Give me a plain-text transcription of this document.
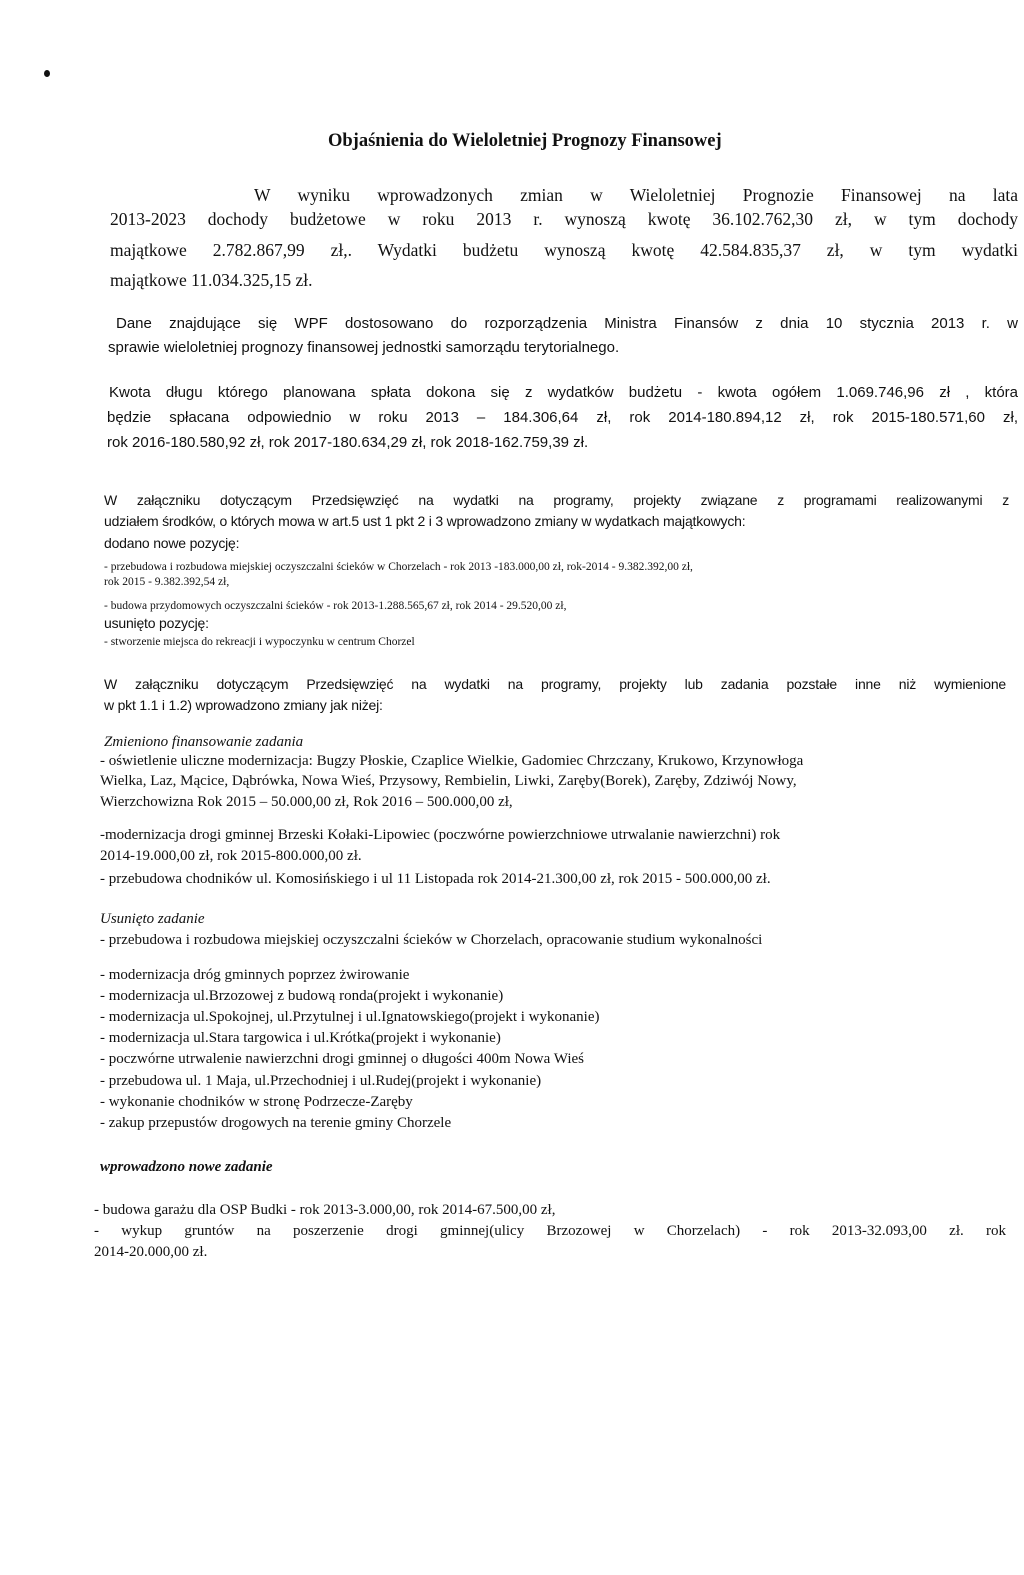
Objaśnienia do Wieloletniej Prognozy Finansowej
W wyniku wprowadzonych zmian w Wieloletniej Prognozie Finansowej na lata
2013-2023 dochody budżetowe w roku 2013 r. wynoszą kwotę 36.102.762,30 zł, w tym dochody
majątkowe 2.782.867,99 zł,. Wydatki budżetu wynoszą kwotę 42.584.835,37 zł, w tym wydatki
majątkowe 11.034.325,15 zł.
Dane znajdujące się WPF dostosowano do rozporządzenia Ministra Finansów z dnia 10 stycznia 2013 r. w
sprawie wieloletniej prognozy finansowej jednostki samorządu terytorialnego.
Kwota długu którego planowana spłata dokona się z wydatków budżetu - kwota ogółem 1.069.746,96 zł , która
będzie spłacana odpowiednio w roku 2013 – 184.306,64 zł, rok 2014-180.894,12 zł, rok 2015-180.571,60 zł,
rok 2016-180.580,92 zł, rok 2017-180.634,29 zł, rok 2018-162.759,39 zł.
W załączniku dotyczącym Przedsięwzięć na wydatki na programy, projekty związane z programami realizowanymi z
udziałem środków, o których mowa w art.5 ust 1 pkt 2 i 3 wprowadzono zmiany w wydatkach majątkowych:
dodano nowe pozycję:
- przebudowa i rozbudowa miejskiej oczyszczalni ścieków w Chorzelach - rok 2013 -183.000,00 zł, rok-2014 - 9.382.392,00 zł,
rok 2015 - 9.382.392,54 zł,
- budowa przydomowych oczyszczalni ścieków - rok 2013-1.288.565,67 zł, rok 2014 - 29.520,00 zł,
usunięto pozycję:
- stworzenie miejsca do rekreacji i wypoczynku w centrum Chorzel
W załączniku dotyczącym Przedsięwzięć na wydatki na programy, projekty lub zadania pozstałe inne niż wymienione
w pkt 1.1 i 1.2) wprowadzono zmiany jak niżej:
Zmieniono finansowanie zadania
- oświetlenie uliczne modernizacja: Bugzy Płoskie, Czaplice Wielkie, Gadomiec Chrzczany, Krukowo, Krzynowłoga
Wielka, Laz, Mącice, Dąbrówka, Nowa Wieś, Przysowy, Rembielin, Liwki, Zaręby(Borek), Zaręby, Zdziwój Nowy,
Wierzchowizna Rok 2015 – 50.000,00 zł, Rok 2016 – 500.000,00 zł,
-modernizacja drogi gminnej Brzeski Kołaki-Lipowiec (poczwórne powierzchniowe utrwalanie nawierzchni) rok
2014-19.000,00 zł, rok 2015-800.000,00 zł.
- przebudowa chodników ul. Komosińskiego i ul 11 Listopada rok 2014-21.300,00 zł, rok 2015 - 500.000,00 zł.
Usunięto zadanie
- przebudowa i rozbudowa miejskiej oczyszczalni ścieków w Chorzelach, opracowanie studium wykonalności
- modernizacja dróg gminnych poprzez żwirowanie
- modernizacja ul.Brzozowej z budową ronda(projekt i wykonanie)
- modernizacja ul.Spokojnej, ul.Przytulnej i ul.Ignatowskiego(projekt i wykonanie)
- modernizacja ul.Stara targowica i ul.Krótka(projekt i wykonanie)
- poczwórne utrwalenie nawierzchni drogi gminnej o długości 400m Nowa Wieś
- przebudowa ul. 1 Maja, ul.Przechodniej i ul.Rudej(projekt i wykonanie)
- wykonanie chodników w stronę Podrzecze-Zaręby
- zakup przepustów drogowych na terenie gminy Chorzele
wprowadzono nowe zadanie
- budowa garażu dla OSP Budki - rok 2013-3.000,00, rok 2014-67.500,00 zł,
- wykup gruntów na poszerzenie drogi gminnej(ulicy Brzozowej w Chorzelach) - rok 2013-32.093,00 zł. rok
2014-20.000,00 zł.
